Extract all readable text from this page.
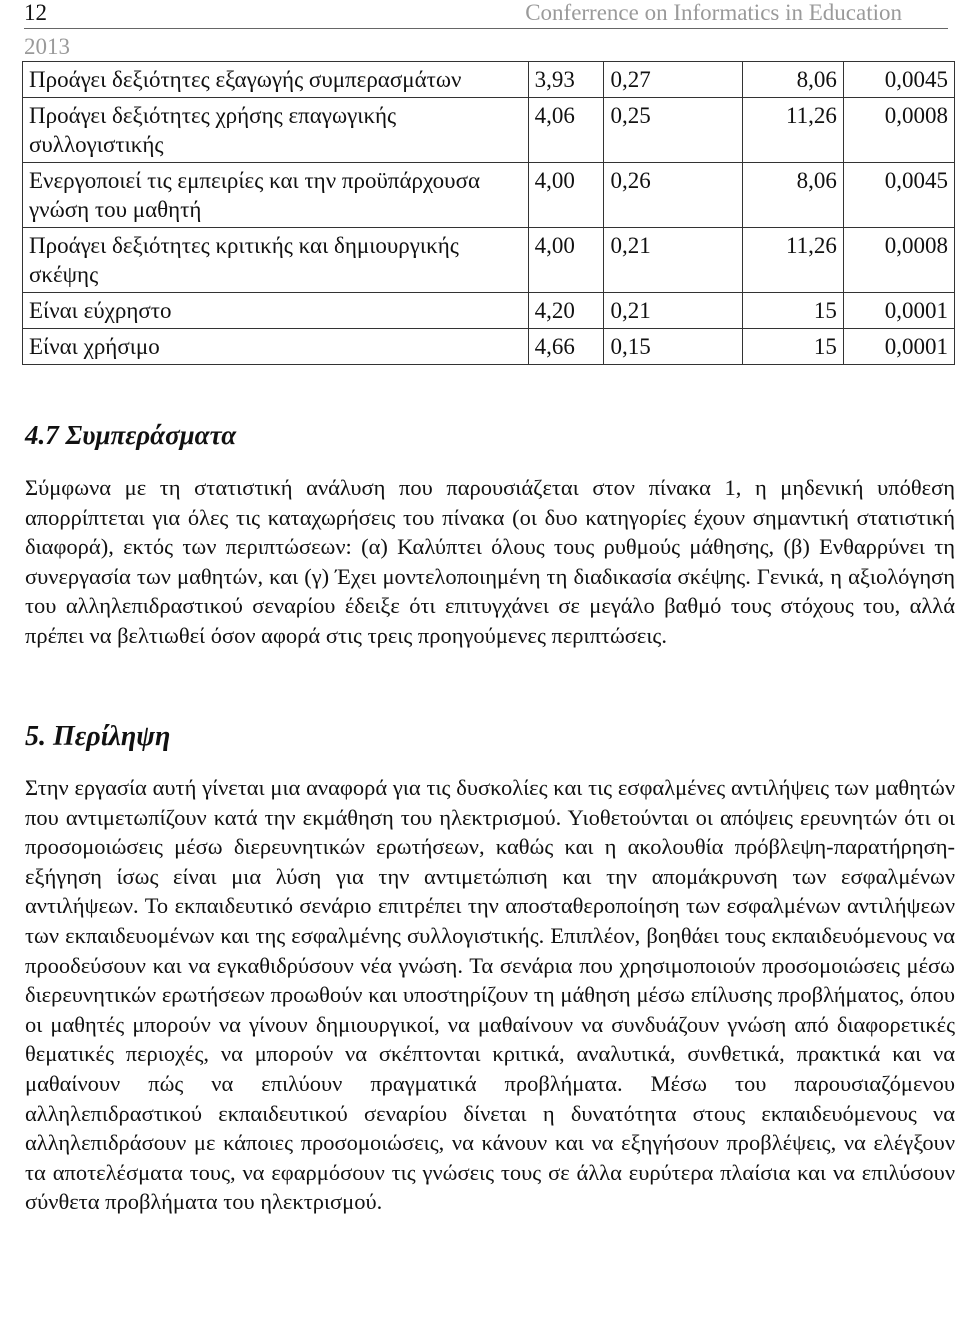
12	Conferrence on Informatics in Education
2013
Προάγει δεξιότητες εξαγωγής συμπερασμάτων	3,93	0,27	8,06	0,0045
Προάγει δεξιότητες χρήσης επαγωγικής συλλογιστικής	4,06	0,25	11,26	0,0008
Ενεργοποιεί τις εμπειρίες και την προϋπάρχουσα γνώση του μαθητή	4,00	0,26	8,06	0,0045
Προάγει δεξιότητες κριτικής και δημιουργικής σκέψης	4,00	0,21	11,26	0,0008
Είναι εύχρηστο	4,20	0,21	15	0,0001
Είναι χρήσιμο	4,66	0,15	15	0,0001
4.7 Συμπεράσματα

Σύμφωνα με τη στατιστική ανάλυση που παρουσιάζεται στον πίνακα 1, η μηδενική υπόθεση απορρίπτεται για όλες τις καταχωρήσεις του πίνακα (οι δυο κατηγορίες έχουν σημαντική στατιστική διαφορά), εκτός των περιπτώσεων: (α) Καλύπτει όλους τους ρυθμούς μάθησης, (β) Ενθαρρύνει τη συνεργασία των μαθητών, και (γ) Έχει μοντελοποιημένη τη διαδικασία σκέψης. Γενικά, η αξιολόγηση του αλληλεπιδραστικού σεναρίου έδειξε ότι επιτυγχάνει σε μεγάλο βαθμό τους στόχους του, αλλά πρέπει να βελτιωθεί όσον αφορά στις τρεις προηγούμενες περιπτώσεις.

5. Περίληψη

Στην εργασία αυτή γίνεται μια αναφορά για τις δυσκολίες και τις εσφαλμένες αντιλήψεις των μαθητών που αντιμετωπίζουν κατά την εκμάθηση του ηλεκτρισμού. Υιοθετούνται οι απόψεις ερευνητών ότι οι προσομοιώσεις μέσω διερευνητικών ερωτήσεων, καθώς και η ακολουθία πρόβλεψη-παρατήρηση-εξήγηση ίσως είναι μια λύση για την αντιμετώπιση και την απομάκρυνση των εσφαλμένων αντιλήψεων. Το εκπαιδευτικό σενάριο επιτρέπει την αποσταθεροποίηση των εσφαλμένων αντιλήψεων των εκπαιδευομένων και της εσφαλμένης συλλογιστικής. Επιπλέον, βοηθάει τους εκπαιδευόμενους να προοδεύσουν και να εγκαθιδρύσουν νέα γνώση. Τα σενάρια που χρησιμοποιούν προσομοιώσεις μέσω διερευνητικών ερωτήσεων προωθούν και υποστηρίζουν τη μάθηση μέσω επίλυσης προβλήματος, όπου οι μαθητές μπορούν να γίνουν δημιουργικοί, να μαθαίνουν να συνδυάζουν γνώση από διαφορετικές θεματικές περιοχές, να μπορούν να σκέπτονται κριτικά, αναλυτικά, συνθετικά, πρακτικά και να μαθαίνουν πώς να επιλύουν πραγματικά προβλήματα. Μέσω του παρουσιαζόμενου αλληλεπιδραστικού εκπαιδευτικού σεναρίου δίνεται η δυνατότητα στους εκπαιδευόμενους να αλληλεπιδράσουν με κάποιες προσομοιώσεις, να κάνουν και να εξηγήσουν προβλέψεις, να ελέγξουν τα αποτελέσματα τους, να εφαρμόσουν τις γνώσεις τους σε άλλα ευρύτερα πλαίσια και να επιλύσουν σύνθετα προβλήματα του ηλεκτρισμού.
